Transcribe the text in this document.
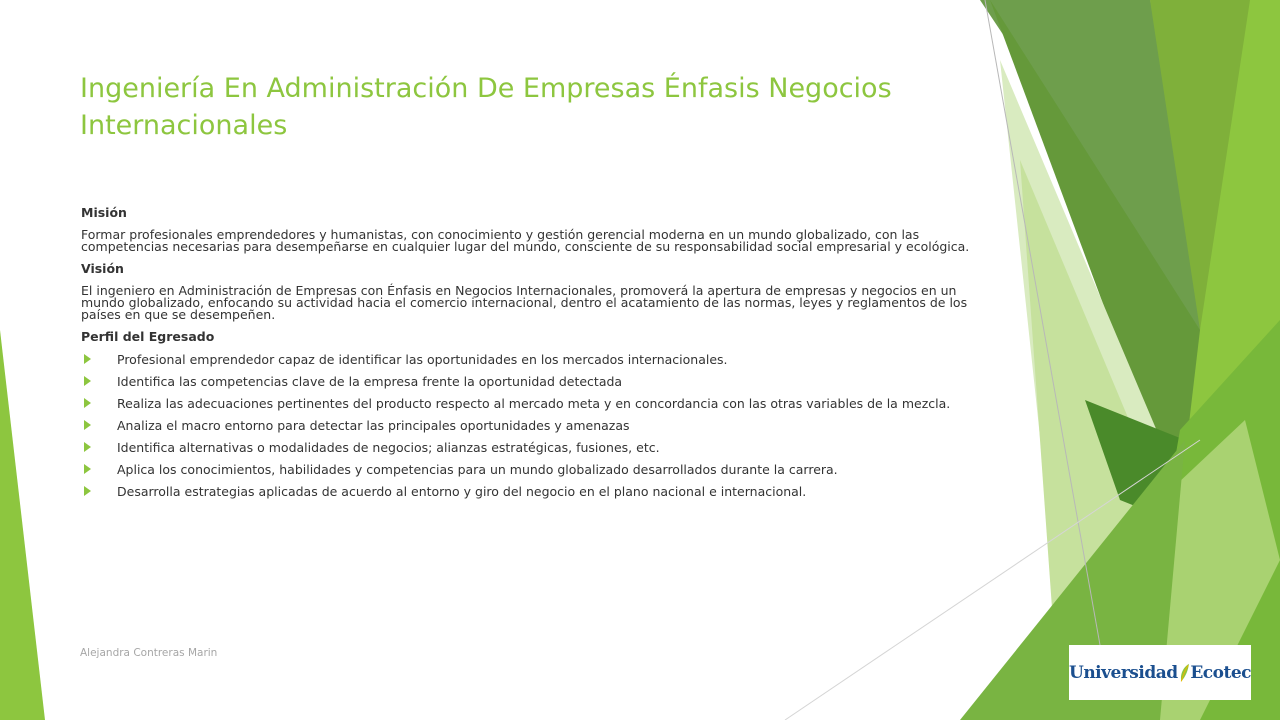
Ingeniería En Administración De Empresas Énfasis Negocios Internacionales
Misión
Formar profesionales emprendedores y humanistas, con conocimiento y gestión gerencial moderna en un mundo globalizado, con las competencias necesarias para desempeñarse en cualquier lugar del mundo, consciente de su responsabilidad social empresarial y ecológica.
Visión
El ingeniero en Administración de Empresas con Énfasis en Negocios Internacionales, promoverá la apertura de empresas y negocios en un mundo globalizado, enfocando su actividad hacia el comercio internacional, dentro el acatamiento de las normas, leyes y reglamentos de los países en que se desempeñen.
Perfil del Egresado
Profesional emprendedor capaz de identificar las oportunidades en los mercados internacionales.
Identifica las competencias clave de la empresa frente la oportunidad detectada
Realiza las adecuaciones pertinentes del producto respecto al mercado meta y en concordancia con las otras variables de la mezcla.
Analiza el macro entorno para detectar las principales oportunidades y amenazas
Identifica alternativas o modalidades de negocios; alianzas estratégicas, fusiones, etc.
Aplica los conocimientos, habilidades y competencias para un mundo globalizado desarrollados durante la carrera.
Desarrolla estrategias aplicadas de acuerdo al entorno y giro del negocio en el plano nacional e internacional.
Alejandra Contreras Marin
Universidad Ecotec
